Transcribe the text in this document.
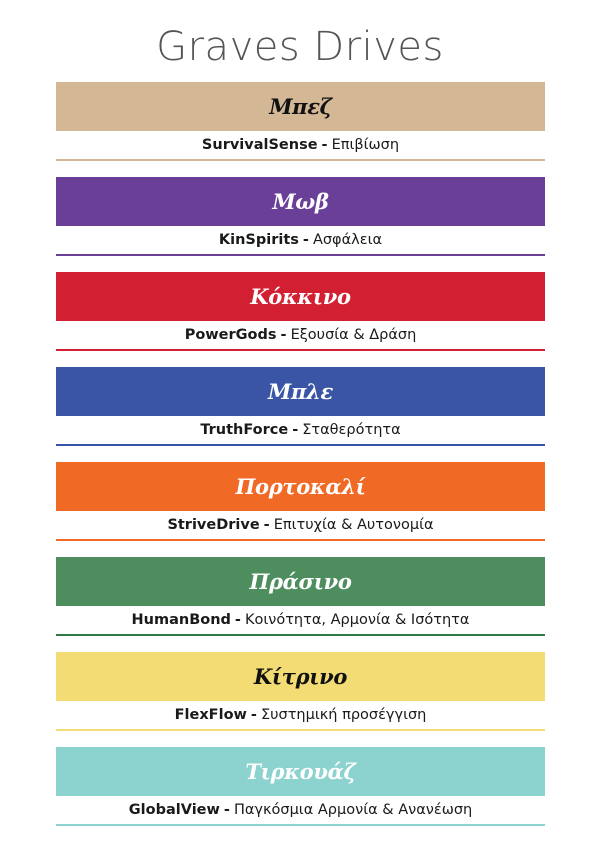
Graves Drives
Μπεζ
SurvivalSense - Επιβίωση
Μωβ
KinSpirits - Ασφάλεια
Κόκκινο
PowerGods - Εξουσία & Δράση
Μπλε
TruthForce - Σταθερότητα
Πορτοκαλί
StriveDrive - Επιτυχία & Αυτονομία
Πράσινο
HumanBond - Κοινότητα, Αρμονία & Ισότητα
Κίτρινο
FlexFlow - Συστημική προσέγγιση
Τιρκουάζ
GlobalView - Παγκόσμια Αρμονία & Ανανέωση
